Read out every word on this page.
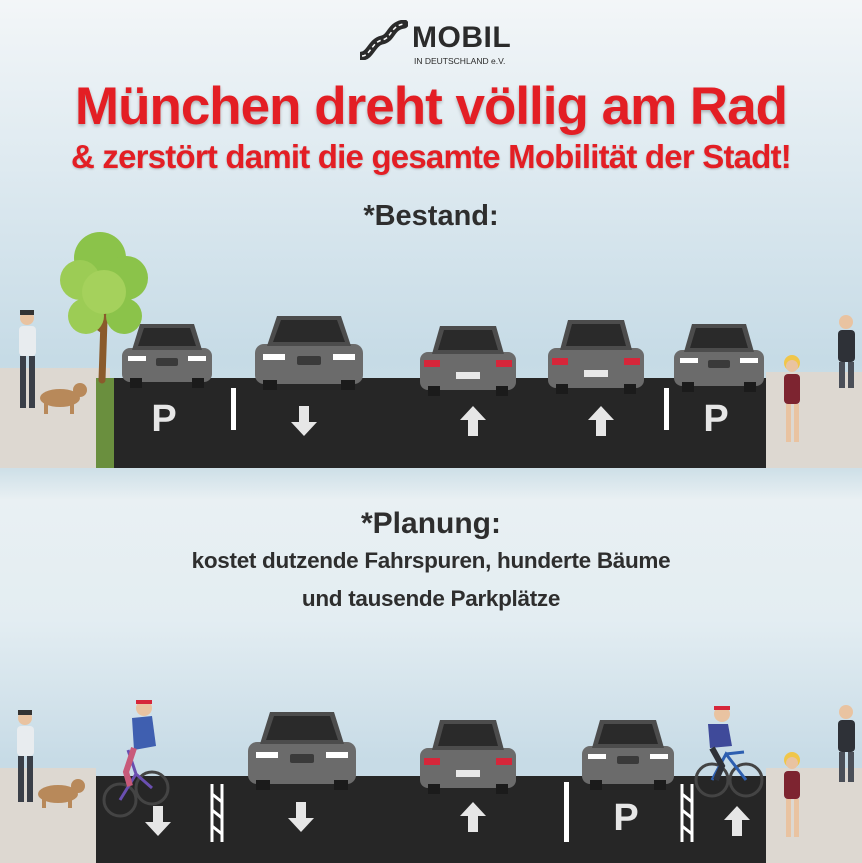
MOBIL
IN DEUTSCHLAND e.V.
München dreht völlig am Rad
& zerstört damit die gesamte Mobilität der Stadt!
*Bestand:
P	P
*Planung:
kostet dutzende Fahrspuren, hunderte Bäume
und tausende Parkplätze
P
